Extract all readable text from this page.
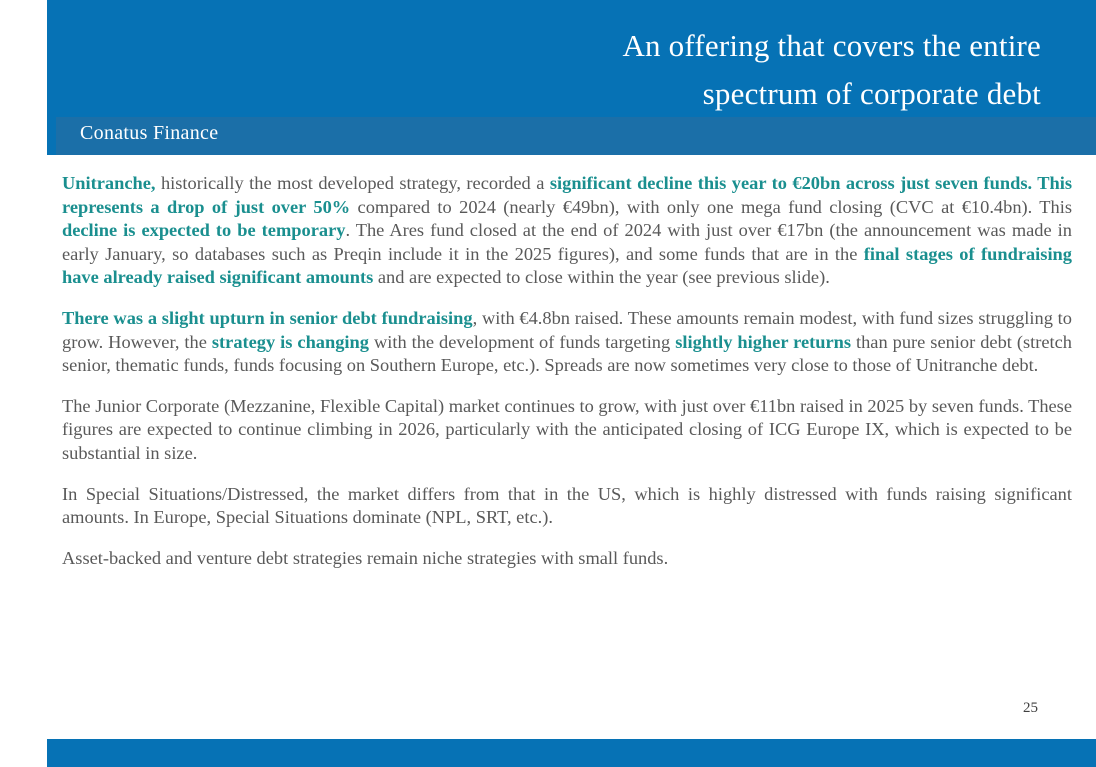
An offering that covers the entire
spectrum of corporate debt
Conatus Finance

Unitranche, historically the most developed strategy, recorded a significant decline this year to €20bn across just seven funds. This represents a drop of just over 50% compared to 2024 (nearly €49bn), with only one mega fund closing (CVC at €10.4bn). This decline is expected to be temporary. The Ares fund closed at the end of 2024 with just over €17bn (the announcement was made in early January, so databases such as Preqin include it in the 2025 figures), and some funds that are in the final stages of fundraising have already raised significant amounts and are expected to close within the year (see previous slide).

There was a slight upturn in senior debt fundraising, with €4.8bn raised. These amounts remain modest, with fund sizes struggling to grow. However, the strategy is changing with the development of funds targeting slightly higher returns than pure senior debt (stretch senior, thematic funds, funds focusing on Southern Europe, etc.). Spreads are now sometimes very close to those of Unitranche debt.

The Junior Corporate (Mezzanine, Flexible Capital) market continues to grow, with just over €11bn raised in 2025 by seven funds. These figures are expected to continue climbing in 2026, particularly with the anticipated closing of ICG Europe IX, which is expected to be substantial in size.

In Special Situations/Distressed, the market differs from that in the US, which is highly distressed with funds raising significant amounts. In Europe, Special Situations dominate (NPL, SRT, etc.).

Asset-backed and venture debt strategies remain niche strategies with small funds.

25
